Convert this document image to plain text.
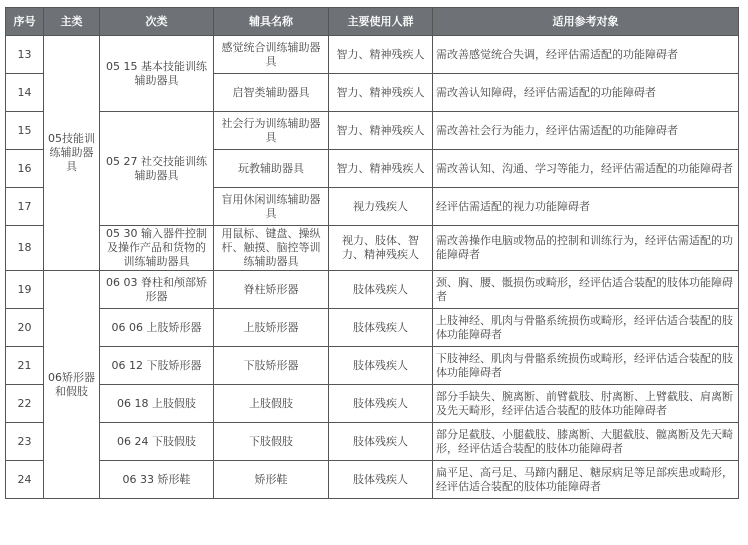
序号	主类	次类	辅具名称	主要使用人群	适用参考对象
13	05技能训练辅助器具	05 15 基本技能训练辅助器具	感觉统合训练辅助器具	智力、精神残疾人	需改善感觉统合失调，经评估需适配的功能障碍者
14			启智类辅助器具	智力、精神残疾人	需改善认知障碍，经评估需适配的功能障碍者
15		05 27 社交技能训练辅助器具	社会行为训练辅助器具	智力、精神残疾人	需改善社会行为能力，经评估需适配的功能障碍者
16			玩教辅助器具	智力、精神残疾人	需改善认知、沟通、学习等能力，经评估需适配的功能障碍者
17			盲用休闲训练辅助器具	视力残疾人	经评估需适配的视力功能障碍者
18		05 30 输入器件控制及操作产品和货物的训练辅助器具	用鼠标、键盘、操纵杆、触摸、脑控等训练辅助器具	视力、肢体、智力、精神残疾人	需改善操作电脑或物品的控制和训练行为，经评估需适配的功能障碍者
19	06矫形器和假肢	06 03 脊柱和颅部矫形器	脊柱矫形器	肢体残疾人	颈、胸、腰、骶损伤或畸形，经评估适合装配的肢体功能障碍者
20		06 06 上肢矫形器	上肢矫形器	肢体残疾人	上肢神经、肌肉与骨骼系统损伤或畸形，经评估适合装配的肢体功能障碍者
21		06 12 下肢矫形器	下肢矫形器	肢体残疾人	下肢神经、肌肉与骨骼系统损伤或畸形，经评估适合装配的肢体功能障碍者
22		06 18 上肢假肢	上肢假肢	肢体残疾人	部分手缺失、腕离断、前臂截肢、肘离断、上臂截肢、肩离断及先天畸形，经评估适合装配的肢体功能障碍者
23		06 24 下肢假肢	下肢假肢	肢体残疾人	部分足截肢、小腿截肢、膝离断、大腿截肢、髋离断及先天畸形，经评估适合装配的肢体功能障碍者
24		06 33 矫形鞋	矫形鞋	肢体残疾人	扁平足、高弓足、马蹄内翻足、糖尿病足等足部疾患或畸形，经评估适合装配的肢体功能障碍者
